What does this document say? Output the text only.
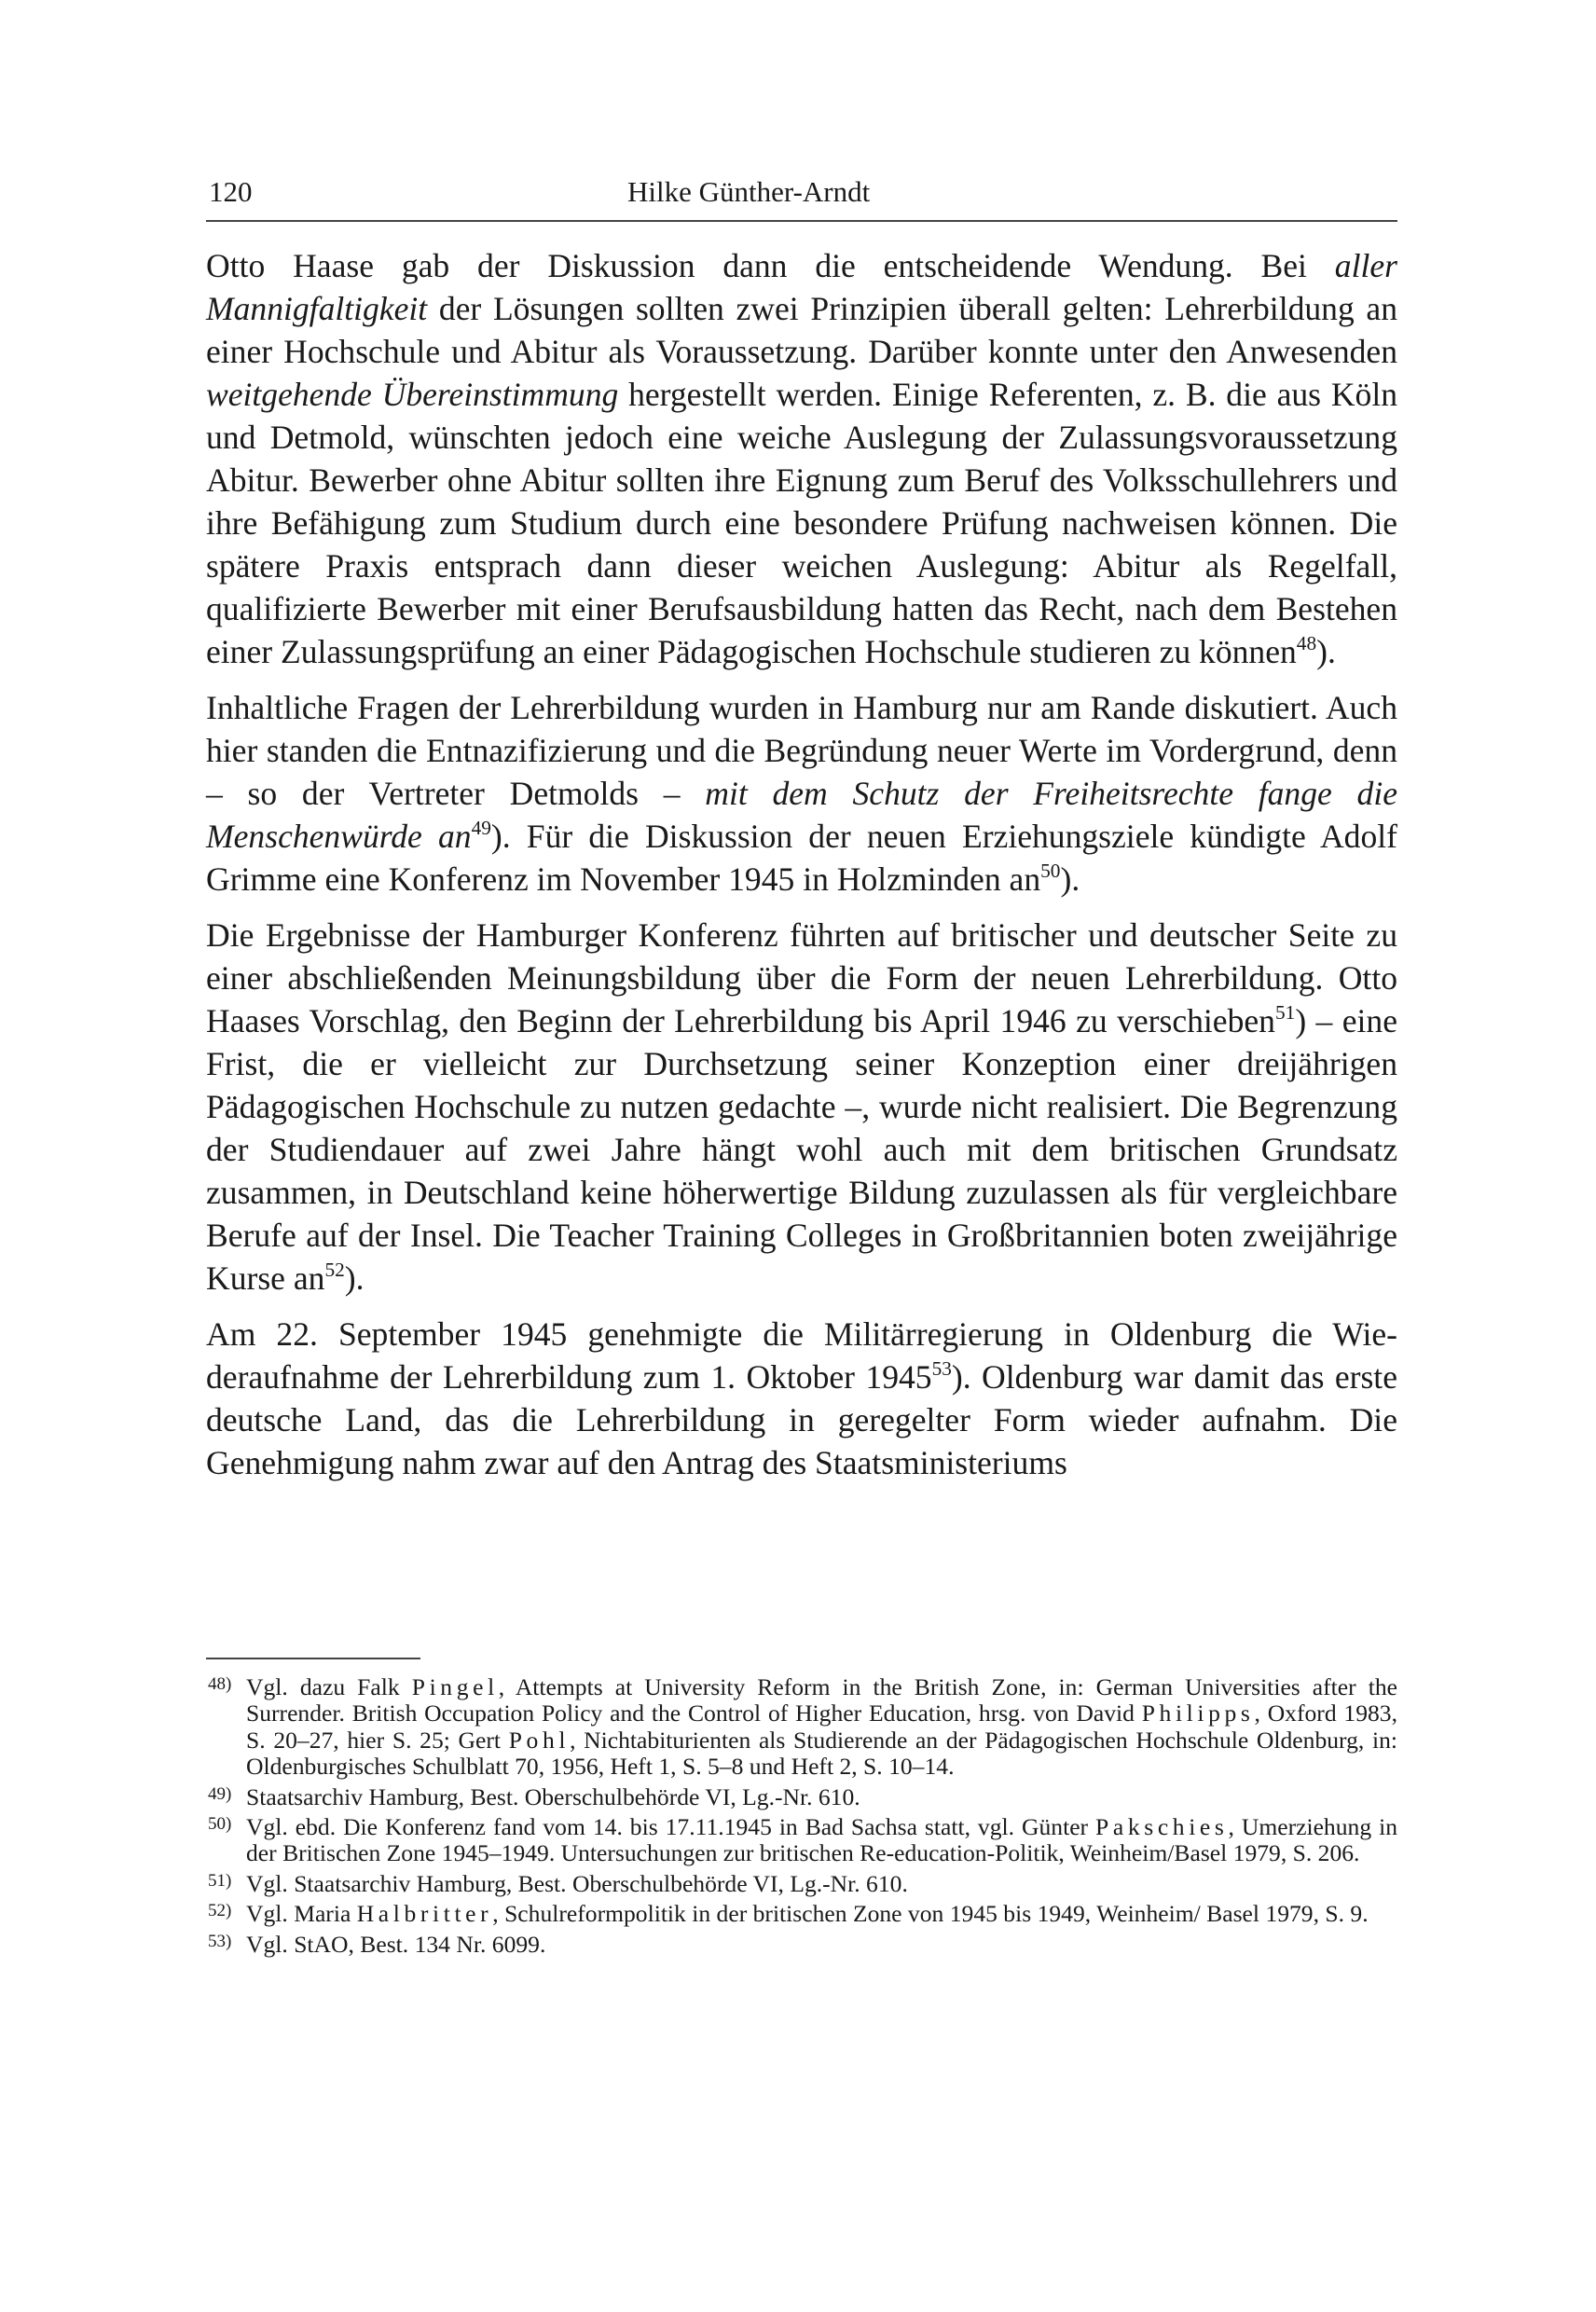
120	Hilke Günther-Arndt

Otto Haase gab der Diskussion dann die entscheidende Wendung. Bei aller Mannigfaltigkeit der Lösungen sollten zwei Prinzipien überall gelten: Lehrerbildung an einer Hochschule und Abitur als Voraussetzung. Darüber konnte unter den Anwesenden weitgehende Übereinstimmung hergestellt werden. Einige Referenten, z. B. die aus Köln und Detmold, wünschten jedoch eine weiche Auslegung der Zulassungsvoraussetzung Abitur. Bewerber ohne Abitur sollten ihre Eignung zum Beruf des Volksschullehrers und ihre Befähigung zum Studium durch eine besondere Prüfung nachweisen können. Die spätere Praxis entsprach dann dieser weichen Auslegung: Abitur als Regelfall, qualifizierte Bewerber mit einer Berufsausbildung hatten das Recht, nach dem Bestehen einer Zulassungsprüfung an einer Pädagogischen Hochschule studieren zu können$^{48}$).

Inhaltliche Fragen der Lehrerbildung wurden in Hamburg nur am Rande diskutiert. Auch hier standen die Entnazifizierung und die Begründung neuer Werte im Vordergrund, denn – so der Vertreter Detmolds – mit dem Schutz der Freiheitsrechte fange die Menschenwürde $an^{49}$). Für die Diskussion der neuen Erziehungsziele kündigte Adolf Grimme eine Konferenz im November 1945 in Holzminden $an^{50}$).

Die Ergebnisse der Hamburger Konferenz führten auf britischer und deutscher Seite zu einer abschließenden Meinungsbildung über die Form der neuen Lehrerbildung. Otto Haases Vorschlag, den Beginn der Lehrerbildung bis April 1946 zu verschieben$^{51}$) – eine Frist, die er vielleicht zur Durchsetzung seiner Konzeption einer dreijährigen Pädagogischen Hochschule zu nutzen gedachte –, wurde nicht realisiert. Die Begrenzung der Studiendauer auf zwei Jahre hängt wohl auch mit dem britischen Grundsatz zusammen, in Deutschland keine höherwertige Bildung zuzulassen als für vergleichbare Berufe auf der Insel. Die Teacher Training Colleges in Großbritannien boten zweijährige Kurse $an^{52}$).

Am 22. September 1945 genehmigte die Militärregierung in Oldenburg die Wiederaufnahme der Lehrerbildung zum 1. Oktober 1945$^{53}$). Oldenburg war damit das erste deutsche Land, das die Lehrerbildung in geregelter Form wieder aufnahm. Die Genehmigung nahm zwar auf den Antrag des Staatsministeriums

48) Vgl. dazu Falk Pingel, Attempts at University Reform in the British Zone, in: German Universities after the Surrender. British Occupation Policy and the Control of Higher Education, hrsg. von David Philipps, Oxford 1983, S. 20–27, hier S. 25; Gert Pohl, Nichtabiturienten als Studierende an der Pädagogischen Hochschule Oldenburg, in: Oldenburgisches Schulblatt 70, 1956, Heft 1, S. 5–8 und Heft 2, S. 10–14.
49) Staatsarchiv Hamburg, Best. Oberschulbehörde VI, Lg.-Nr. 610.
50) Vgl. ebd. Die Konferenz fand vom 14. bis 17.11.1945 in Bad Sachsa statt, vgl. Günter Pakschies, Umerziehung in der Britischen Zone 1945–1949. Untersuchungen zur britischen Re-education-Politik, Weinheim/Basel 1979, S. 206.
51) Vgl. Staatsarchiv Hamburg, Best. Oberschulbehörde VI, Lg.-Nr. 610.
52) Vgl. Maria Halbritter, Schulreformpolitik in der britischen Zone von 1945 bis 1949, Weinheim/ Basel 1979, S. 9.
53) Vgl. StAO, Best. 134 Nr. 6099.
